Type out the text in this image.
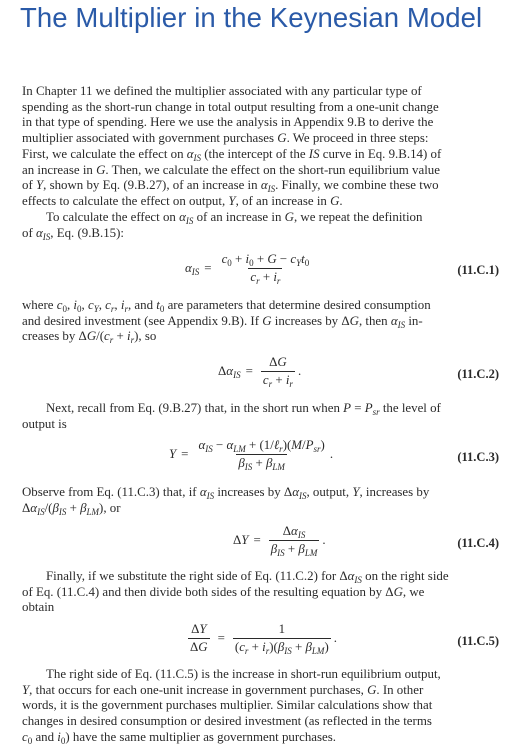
The Multiplier in the Keynesian Model
In Chapter 11 we defined the multiplier associated with any particular type of
spending as the short-run change in total output resulting from a one-unit change
in that type of spending. Here we use the analysis in Appendix 9.B to derive the
multiplier associated with government purchases G. We proceed in three steps:
First, we calculate the effect on $\alpha_{IS}$ (the intercept of the IS curve in Eq. 9.B.14) of
an increase in G. Then, we calculate the effect on the short-run equilibrium value
of Y, shown by Eq. (9.B.27), of an increase in $\alpha_{IS}$. Finally, we combine these two
effects to calculate the effect on output, Y, of an increase in G.
To calculate the effect on $\alpha_{IS}$ of an increase in G, we repeat the definition
of $\alpha_{IS}$, Eq. (9.B.15):
$\alpha_{IS} = \frac{c_0 + i_0 + G - c_Yt_0}{c_r + i_r}$	(11.C.1)
where $c_0$, $i_0$, $c_Y$, $c_r$, $i_r$, and $t_0$ are parameters that determine desired consumption
and desired investment (see Appendix 9.B). If G increases by ΔG, then $\alpha_{IS}$ in-
creases by $\Delta G/(c_r + i_r)$, so
Δ $\alpha_{IS} = \frac{\Delta G}{c_r + i_r}$ .	(11.C.2)
Next, recall from Eq. (9.B.27) that, in the short run when $P = P_{sr}$ the level of
output is
$Y = \frac{\alpha_{IS} - \alpha_{LM} + (1/\ell_r)(M/P_{sr})}{\beta_{IS} + \beta_{LM}}$ .	(11.C.3)
Observe from Eq. (11.C.3) that, if $\alpha_{IS}$ increases by $\Delta\alpha_{IS}$, output, Y, increases by
$\Delta\alpha_{IS}/(\beta_{IS} + \beta_{LM})$, or
Δ $Y = \frac{\Delta\alpha_{IS}}{\beta_{IS} + \beta_{LM}}$ .	(11.C.4)
Finally, if we substitute the right side of Eq. (11.C.2) for $\Delta\alpha_{IS}$ on the right side
of Eq. (11.C.4) and then divide both sides of the resulting equation by ΔG, we
obtain
$\frac{\Delta Y}{\Delta G} = \frac{1}{(c_r + i_r)(\beta_{IS} + \beta_{LM})}$ .	(11.C.5)
The right side of Eq. (11.C.5) is the increase in short-run equilibrium output,
Y, that occurs for each one-unit increase in government purchases, G. In other
words, it is the government purchases multiplier. Similar calculations show that
changes in desired consumption or desired investment (as reflected in the terms
$c_0$ and $i_0$) have the same multiplier as government purchases.
